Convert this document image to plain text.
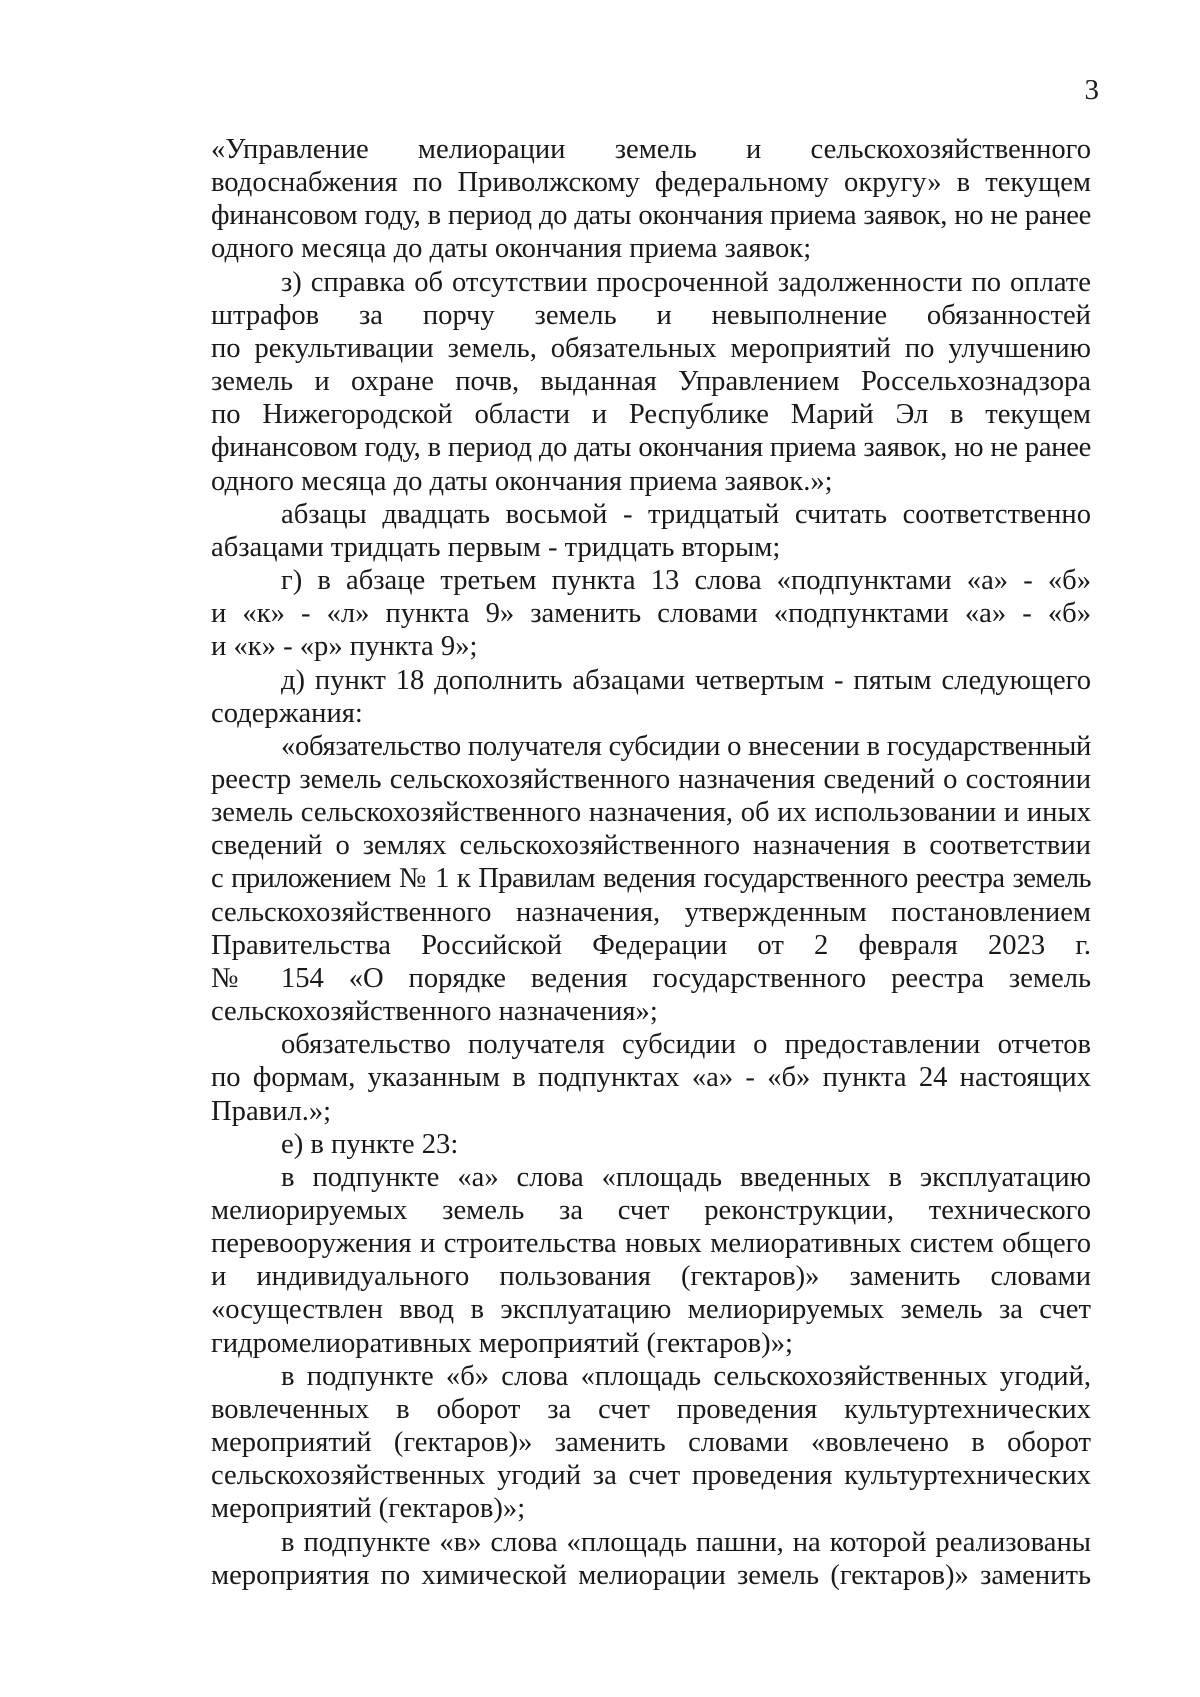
3
«Управление мелиорации земель и сельскохозяйственного
водоснабжения по Приволжскому федеральному округу» в текущем
финансовом году, в период до даты окончания приема заявок, но не ранее
одного месяца до даты окончания приема заявок;
з) справка об отсутствии просроченной задолженности по оплате
штрафов за порчу земель и невыполнение обязанностей
по рекультивации земель, обязательных мероприятий по улучшению
земель и охране почв, выданная Управлением Россельхознадзора
по Нижегородской области и Республике Марий Эл в текущем
финансовом году, в период до даты окончания приема заявок, но не ранее
одного месяца до даты окончания приема заявок.»;
абзацы двадцать восьмой - тридцатый считать соответственно
абзацами тридцать первым - тридцать вторым;
г) в абзаце третьем пункта 13 слова «подпунктами «а» - «б»
и «к» - «л» пункта 9» заменить словами «подпунктами «а» - «б»
и «к» - «р» пункта 9»;
д) пункт 18 дополнить абзацами четвертым - пятым следующего
содержания:
«обязательство получателя субсидии о внесении в государственный
реестр земель сельскохозяйственного назначения сведений о состоянии
земель сельскохозяйственного назначения, об их использовании и иных
сведений о землях сельскохозяйственного назначения в соответствии
с приложением № 1 к Правилам ведения государственного реестра земель
сельскохозяйственного назначения, утвержденным постановлением
Правительства Российской Федерации от 2 февраля 2023 г.
№ 154 «О порядке ведения государственного реестра земель
сельскохозяйственного назначения»;
обязательство получателя субсидии о предоставлении отчетов
по формам, указанным в подпунктах «а» - «б» пункта 24 настоящих
Правил.»;
е) в пункте 23:
в подпункте «а» слова «площадь введенных в эксплуатацию
мелиорируемых земель за счет реконструкции, технического
перевооружения и строительства новых мелиоративных систем общего
и индивидуального пользования (гектаров)» заменить словами
«осуществлен ввод в эксплуатацию мелиорируемых земель за счет
гидромелиоративных мероприятий (гектаров)»;
в подпункте «б» слова «площадь сельскохозяйственных угодий,
вовлеченных в оборот за счет проведения культуртехнических
мероприятий (гектаров)» заменить словами «вовлечено в оборот
сельскохозяйственных угодий за счет проведения культуртехнических
мероприятий (гектаров)»;
в подпункте «в» слова «площадь пашни, на которой реализованы
мероприятия по химической мелиорации земель (гектаров)» заменить
